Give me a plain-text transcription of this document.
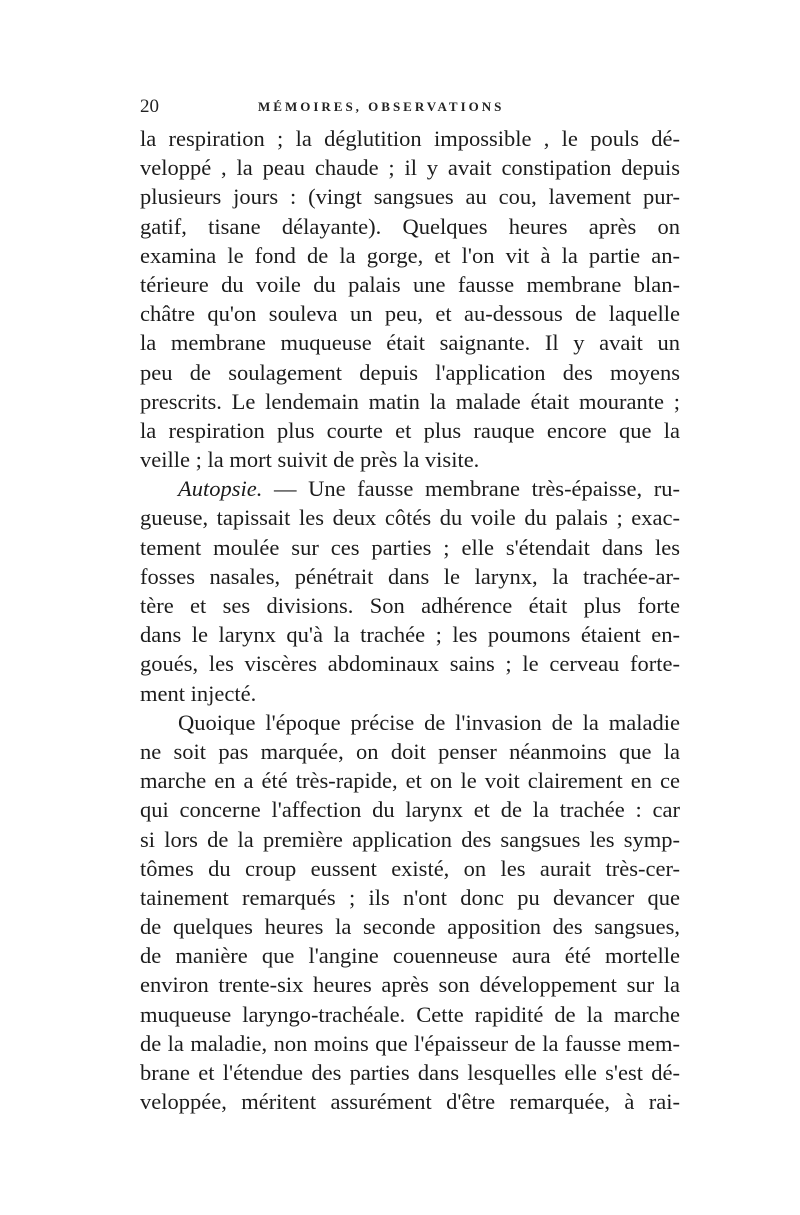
20	MÉMOIRES, OBSERVATIONS
la respiration ; la déglutition impossible , le pouls dé-
veloppé , la peau chaude ; il y avait constipation depuis
plusieurs jours : (vingt sangsues au cou, lavement pur-
gatif, tisane délayante). Quelques heures après on
examina le fond de la gorge, et l'on vit à la partie an-
térieure du voile du palais une fausse membrane blan-
châtre qu'on souleva un peu, et au-dessous de laquelle
la membrane muqueuse était saignante. Il y avait un
peu de soulagement depuis l'application des moyens
prescrits. Le lendemain matin la malade était mourante ;
la respiration plus courte et plus rauque encore que la
veille ; la mort suivit de près la visite.
Autopsie. — Une fausse membrane très-épaisse, ru-
gueuse, tapissait les deux côtés du voile du palais ; exac-
tement moulée sur ces parties ; elle s'étendait dans les
fosses nasales, pénétrait dans le larynx, la trachée-ar-
tère et ses divisions. Son adhérence était plus forte
dans le larynx qu'à la trachée ; les poumons étaient en-
goués, les viscères abdominaux sains ; le cerveau forte-
ment injecté.
Quoique l'époque précise de l'invasion de la maladie
ne soit pas marquée, on doit penser néanmoins que la
marche en a été très-rapide, et on le voit clairement en ce
qui concerne l'affection du larynx et de la trachée : car
si lors de la première application des sangsues les symp-
tômes du croup eussent existé, on les aurait très-cer-
tainement remarqués ; ils n'ont donc pu devancer que
de quelques heures la seconde apposition des sangsues,
de manière que l'angine couenneuse aura été mortelle
environ trente-six heures après son développement sur la
muqueuse laryngo-trachéale. Cette rapidité de la marche
de la maladie, non moins que l'épaisseur de la fausse mem-
brane et l'étendue des parties dans lesquelles elle s'est dé-
veloppée, méritent assurément d'être remarquée, à rai-
